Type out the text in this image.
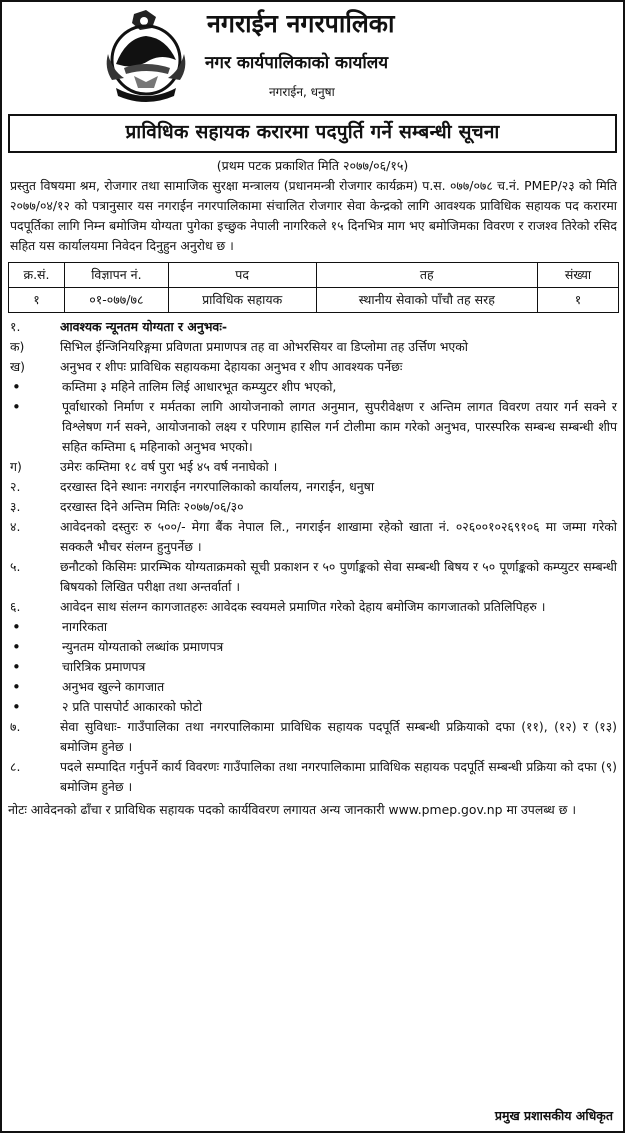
नगराईन नगरपालिका
नगर कार्यपालिकाको कार्यालय
नगराईन, धनुषा
प्राविधिक सहायक करारमा पदपुर्ति गर्ने सम्बन्धी सूचना
(प्रथम पटक प्रकाशित मिति २०७७/०६/१५)
प्रस्तुत विषयमा श्रम, रोजगार तथा सामाजिक सुरक्षा मन्त्रालय (प्रधानमन्त्री रोजगार कार्यक्रम) प.स. ०७७/०७८ च.नं. PMEP/२३ को मिति २०७७/०४/१२ को पत्रानुसार यस नगराईन नगरपालिकामा संचालित रोजगार सेवा केन्द्रको लागि आवश्यक प्राविधिक सहायक पद करारमा पदपूर्तिका लागि निम्न बमोजिम योग्यता पुगेका इच्छुक नेपाली नागरिकले १५ दिनभित्र माग भए बमोजिमका विवरण र राजश्व तिरेको रसिद सहित यस कार्यालयमा निवेदन दिनुहुन अनुरोध छ ।
क्र.सं.	विज्ञापन नं.	पद	तह	संख्या
१	०१-०७७/७८	प्राविधिक सहायक	स्थानीय सेवाको पाँचौ तह सरह	१
१.	आवश्यक न्यूनतम योग्यता र अनुभवः-
क)	सिभिल ईन्जिनियरिङ्गमा प्रविणता प्रमाणपत्र तह वा ओभरसियर वा डिप्लोमा तह उर्त्तिण भएको
ख)	अनुभव र शीपः प्राविधिक सहायकमा देहायका अनुभव र शीप आवश्यक पर्नेछः
•	कम्तिमा ३ महिने तालिम लिई आधारभूत कम्प्युटर शीप भएको,
•	पूर्वाधारको निर्माण र मर्मतका लागि आयोजनाको लागत अनुमान, सुपरीवेक्षण र अन्तिम लागत विवरण तयार गर्न सक्ने र विश्लेषण गर्न सक्ने, आयोजनाको लक्ष्य र परिणाम हासिल गर्न टोलीमा काम गरेको अनुभव, पारस्परिक सम्बन्ध सम्बन्धी शीप सहित कम्तिमा ६ महिनाको अनुभव भएको।
ग)	उमेरः कम्तिमा १८ वर्ष पुरा भई ४५ वर्ष ननाघेको ।
२.	दरखास्त दिने स्थानः नगराईन नगरपालिकाको कार्यालय, नगराईन, धनुषा
३.	दरखास्त दिने अन्तिम मितिः २०७७/०६/३०
४.	आवेदनको दस्तुरः रु ५००/- मेगा बैंक नेपाल लि., नगराईन शाखामा रहेको खाता नं. ०२६००१०२६९१०६ मा जम्मा गरेको सक्कलै भौचर संलग्न हुनुपर्नेछ ।
५.	छनौटको किसिमः प्रारम्भिक योग्यताक्रमको सूची प्रकाशन र ५० पुर्णाङ्कको सेवा सम्बन्धी बिषय र ५० पूर्णाङ्कको कम्प्युटर सम्बन्धी बिषयको लिखित परीक्षा तथा अन्तर्वार्ता ।
६.	आवेदन साथ संलग्न कागजातहरुः आवेदक स्वयमले प्रमाणित गरेको देहाय बमोजिम कागजातको प्रतिलिपिहरु ।
•	नागरिकता
•	न्युनतम योग्यताको लब्धांक प्रमाणपत्र
•	चारित्रिक प्रमाणपत्र
•	अनुभव खुल्ने कागजात
•	२ प्रति पासपोर्ट आकारको फोटो
७.	सेवा सुविधाः- गाउँपालिका तथा नगरपालिकामा प्राविधिक सहायक पदपूर्ति सम्बन्धी प्रक्रियाको दफा (११), (१२) र (१३) बमोजिम हुनेछ ।
८.	पदले सम्पादित गर्नुपर्ने कार्य विवरणः गाउँपालिका तथा नगरपालिकामा प्राविधिक सहायक पदपूर्ति सम्बन्धी प्रक्रिया को दफा (९) बमोजिम हुनेछ ।
नोटः आवेदनको ढाँचा र प्राविधिक सहायक पदको कार्यविवरण लगायत अन्य जानकारी www.pmep.gov.np मा उपलब्ध छ ।
प्रमुख प्रशासकीय अधिकृत
